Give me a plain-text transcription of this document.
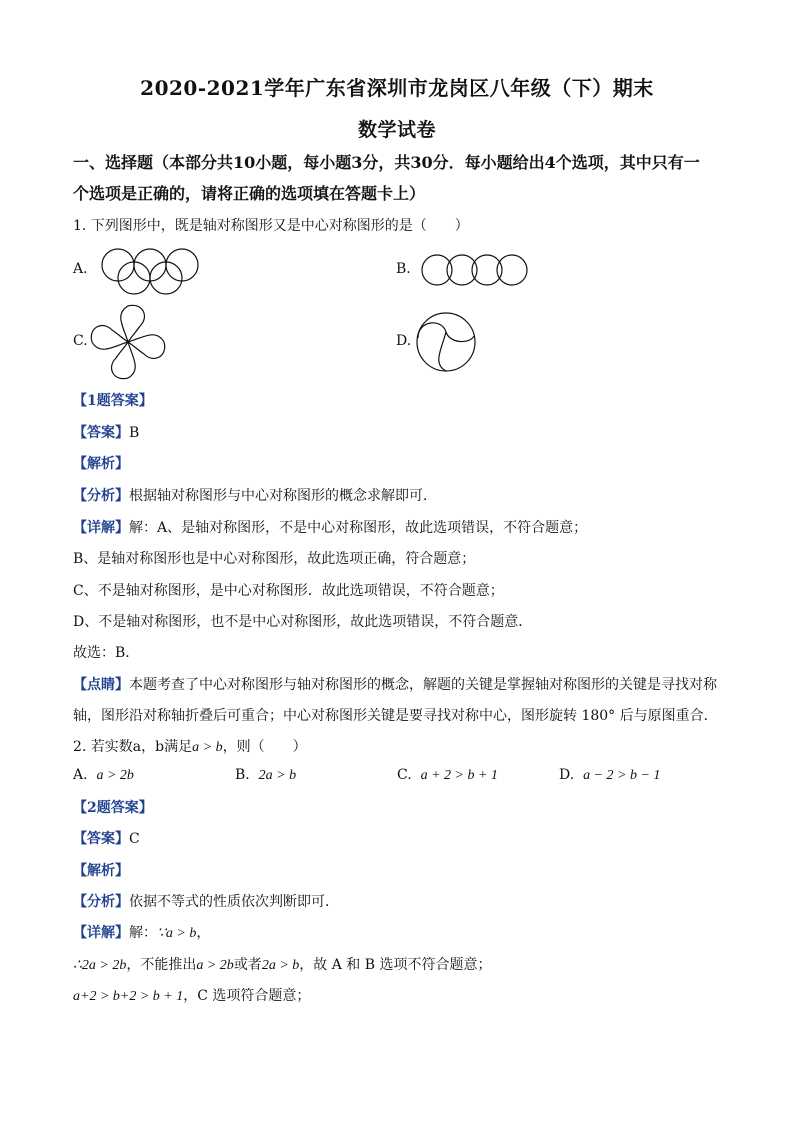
2020-2021学年广东省深圳市龙岗区八年级（下）期末
数学试卷
一、选择题（本部分共10小题，每小题3分，共30分．每小题给出4个选项，其中只有一
个选项是正确的，请将正确的选项填在答题卡上）
1. 下列图形中，既是轴对称图形又是中心对称图形的是（　　）
A.	B.
C.	D.
【1题答案】
【答案】B
【解析】
【分析】根据轴对称图形与中心对称图形的概念求解即可．
【详解】解：A、是轴对称图形，不是中心对称图形，故此选项错误，不符合题意；
B、是轴对称图形也是中心对称图形，故此选项正确，符合题意；
C、不是轴对称图形，是中心对称图形．故此选项错误，不符合题意；
D、不是轴对称图形，也不是中心对称图形，故此选项错误，不符合题意．
故选：B．
【点睛】本题考查了中心对称图形与轴对称图形的概念，解题的关键是掌握轴对称图形的关键是寻找对称
轴，图形沿对称轴折叠后可重合；中心对称图形关键是要寻找对称中心，图形旋转 180° 后与原图重合．
2. 若实数a，b满足a > b，则（　　）
A. a > 2b	B. 2a > b	C. a + 2 > b + 1	D. a − 2 > b − 1
【2题答案】
【答案】C
【解析】
【分析】依据不等式的性质依次判断即可．
【详解】解：∵a > b，
∴2a > 2b，不能推出a > 2b或者2a > b，故 A 和 B 选项不符合题意；
a+2 > b+2 > b + 1，C 选项符合题意；
